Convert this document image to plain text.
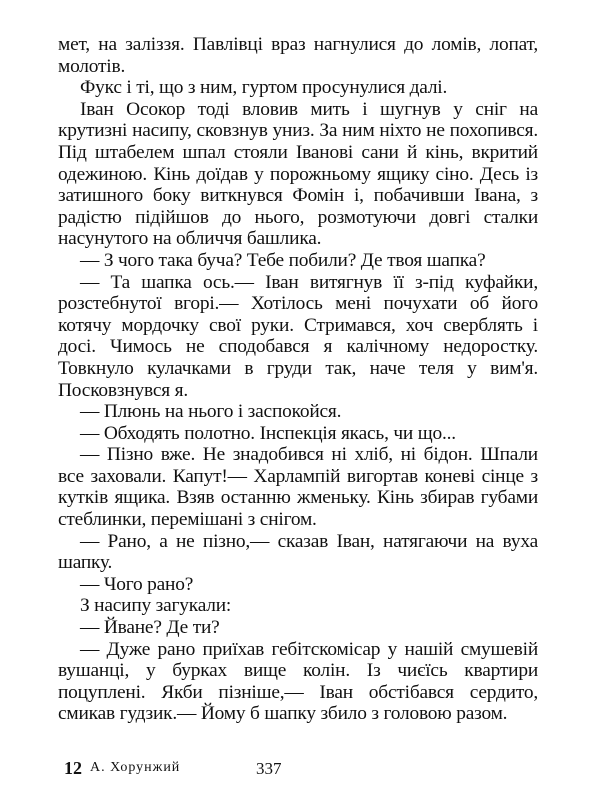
мет, на заліззя. Павлівці враз нагнулися до ломів, лопат, молотів.

Фукс і ті, що з ним, гуртом просунулися далі.

Іван Осокор тоді вловив мить і шугнув у сніг на крутизні насипу, сковзнув униз. За ним ніхто не похопився. Під штабелем шпал стояли Іванові сани й кінь, вкритий одежиною. Кінь доїдав у порожньому ящику сіно. Десь із затишного боку виткнувся Фомін і, побачивши Івана, з радістю підійшов до нього, розмотуючи довгі сталки насунутого на обличчя башлика.

— З чого така буча? Тебе побили? Де твоя шапка?

— Та шапка ось.— Іван витягнув її з-під куфайки, розстебнутої вгорі.— Хотілось мені почухати об його котячу мордочку свої руки. Стримався, хоч сверблять і досі. Чимось не сподобався я калічному недоростку. Товкнуло кулачками в груди так, наче теля у вим'я. Посковзнувся я.

— Плюнь на нього і заспокойся.

— Обходять полотно. Інспекція якась, чи що...

— Пізно вже. Не знадобився ні хліб, ні бідон. Шпали все заховали. Капут!— Харлампій вигортав коневі сінце з кутків ящика. Взяв останню жменьку. Кінь збирав губами стеблинки, перемішані з снігом.

— Рано, а не пізно,— сказав Іван, натягаючи на вуха шапку.

— Чого рано?

З насипу загукали:

— Йване? Де ти?

— Дуже рано приїхав гебітскомісар у нашій смушевій вушанці, у бурках вище колін. Із чиєїсь квартири поцуплені. Якби пізніше,— Іван обстібався сердито, смикав гудзик.— Йому б шапку збило з головою разом.

12 А. Хорунжий	337
